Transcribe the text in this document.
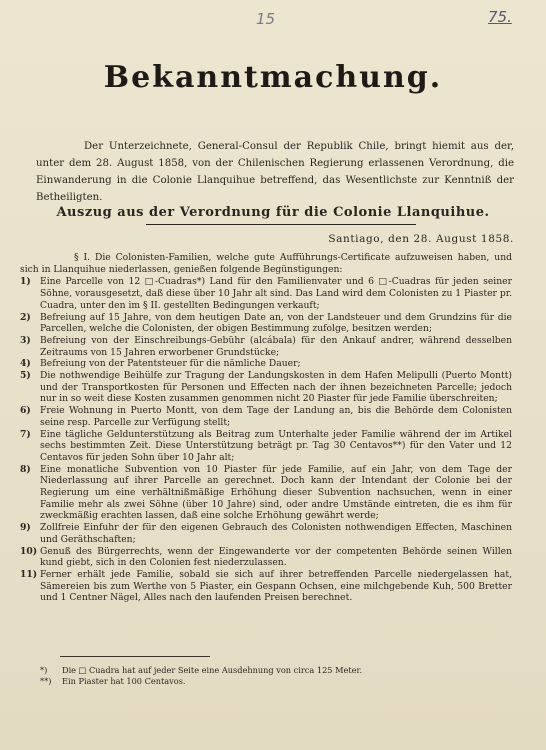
15	75.
Bekanntmachung.
Der Unterzeichnete, General-Consul der Republik Chile, bringt hiemit aus der, unter dem 28. August 1858, von der Chilenischen Regierung erlassenen Verordnung, die Einwanderung in die Colonie Llanquihue betreffend, das Wesentlichste zur Kenntniß der Betheiligten.
Auszug aus der Verordnung für die Colonie Llanquihue.
Santiago, den 28. August 1858.

§ I. Die Colonisten-Familien, welche gute Aufführungs-Certificate aufzuweisen haben, und sich in Llanquihue niederlassen, genießen folgende Begünstigungen:

1)	Eine Parcelle von 12 □-Cuadras*) Land für den Familienvater und 6 □-Cuadras für jeden seiner Söhne, vorausgesetzt, daß diese über 10 Jahr alt sind. Das Land wird dem Colonisten zu 1 Piaster pr. Cuadra, unter den im § II. gestellten Bedingungen verkauft;
2)	Befreiung auf 15 Jahre, von dem heutigen Date an, von der Landsteuer und dem Grundzins für die Parcellen, welche die Colonisten, der obigen Bestimmung zufolge, besitzen werden;
3)	Befreiung von der Einschreibungs-Gebühr (alcábala) für den Ankauf andrer, während desselben Zeitraums von 15 Jahren erworbener Grundstücke;
4)	Befreiung von der Patentsteuer für die nämliche Dauer;
5)	Die nothwendige Beihülfe zur Tragung der Landungskosten in dem Hafen Melipulli (Puerto Montt) und der Transportkosten für Personen und Effecten nach der ihnen bezeichneten Parcelle; jedoch nur in so weit diese Kosten zusammen genommen nicht 20 Piaster für jede Familie überschreiten;
6)	Freie Wohnung in Puerto Montt, von dem Tage der Landung an, bis die Behörde dem Colonisten seine resp. Parcelle zur Verfügung stellt;
7)	Eine tägliche Geldunterstützung als Beitrag zum Unterhalte jeder Familie während der im Artikel sechs bestimmten Zeit. Diese Unterstützung beträgt pr. Tag 30 Centavos**) für den Vater und 12 Centavos für jeden Sohn über 10 Jahr alt;
8)	Eine monatliche Subvention von 10 Piaster für jede Familie, auf ein Jahr, von dem Tage der Niederlassung auf ihrer Parcelle an gerechnet. Doch kann der Intendant der Colonie bei der Regierung um eine verhältnißmäßige Erhöhung dieser Subvention nachsuchen, wenn in einer Familie mehr als zwei Söhne (über 10 Jahre) sind, oder andre Umstände eintreten, die es ihm für zweckmäßig erachten lassen, daß eine solche Erhöhung gewährt werde;
9)	Zollfreie Einfuhr der für den eigenen Gebrauch des Colonisten nothwendigen Effecten, Maschinen und Geräthschaften;
10) Genuß des Bürgerrechts, wenn der Eingewanderte vor der competenten Behörde seinen Willen kund giebt, sich in den Colonien fest niederzulassen.
11) Ferner erhält jede Familie, sobald sie sich auf ihrer betreffenden Parcelle niedergelassen hat, Sämereien bis zum Werthe von 5 Piaster, ein Gespann Ochsen, eine milchgebende Kuh, 500 Bretter und 1 Centner Nägel, Alles nach den laufenden Preisen berechnet.
*)	Die □ Cuadra hat auf jeder Seite eine Ausdehnung von circa 125 Meter.
**)	Ein Piaster hat 100 Centavos.
